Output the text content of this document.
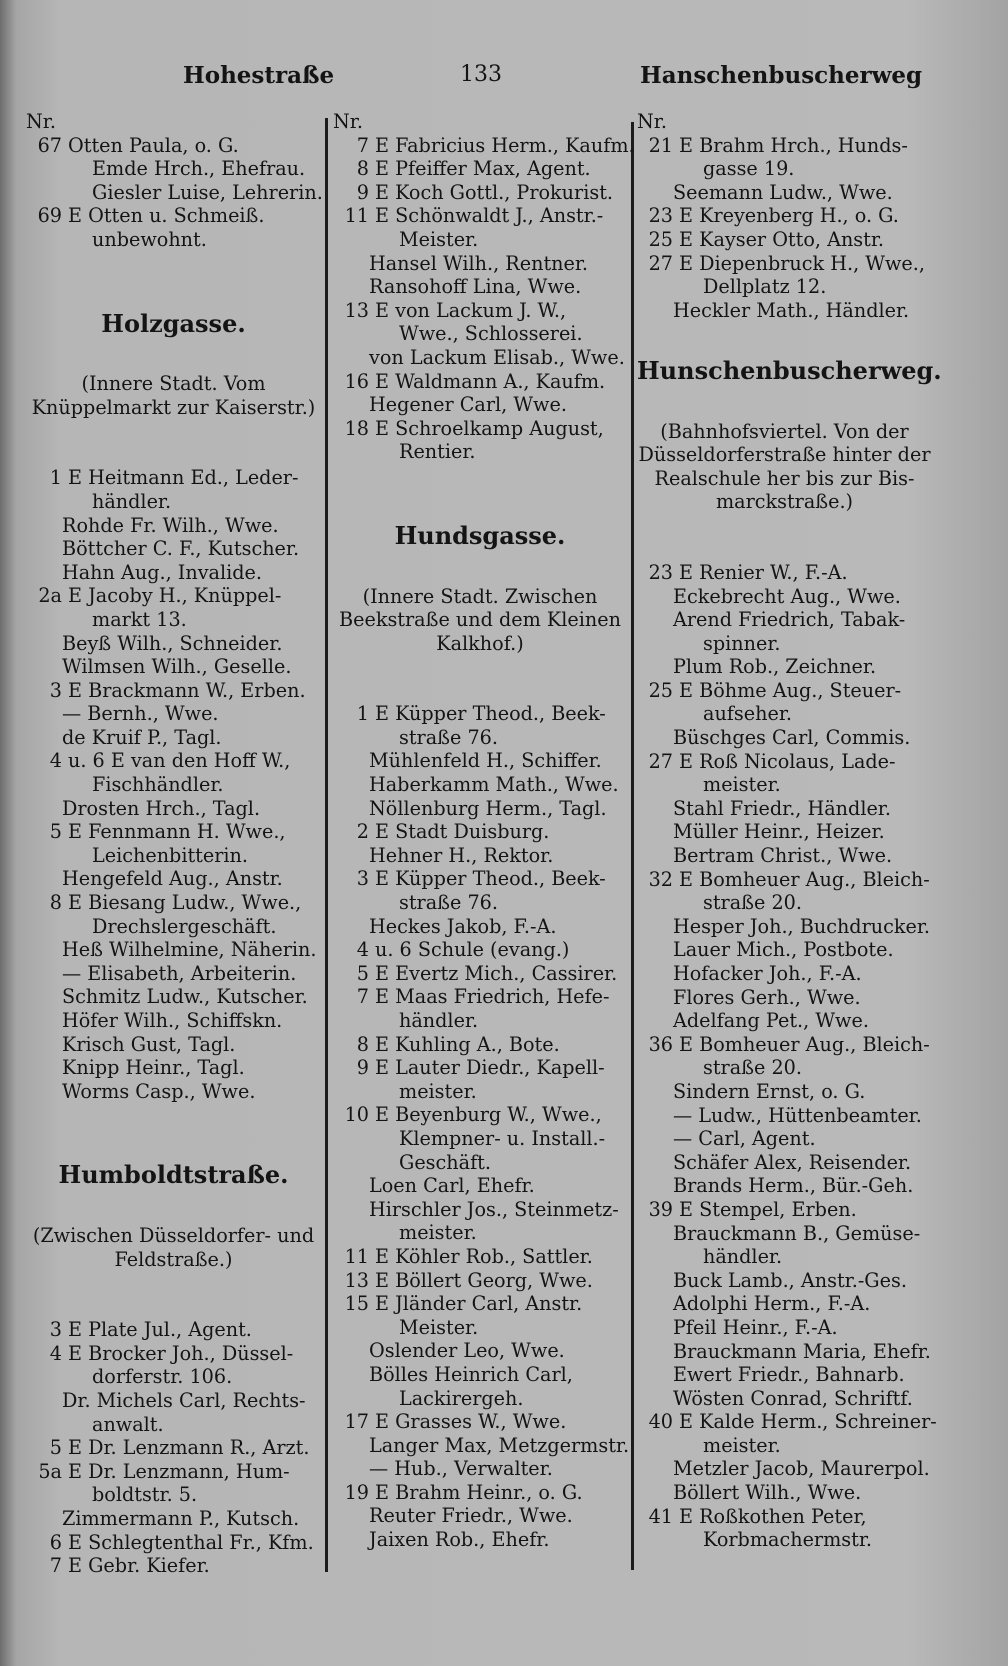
Hohestraße	133	Hanschenbuscherweg
Nr.
67 Otten Paula, o. G.
Emde Hrch., Ehefrau.
Giesler Luise, Lehrerin.
69 E Otten u. Schmeiß.
unbewohnt.
Holzgasse.
(Innere Stadt. Vom
Knüppelmarkt zur Kaiserstr.)
1 E Heitmann Ed., Leder-
händler.
Rohde Fr. Wilh., Wwe.
Böttcher C. F., Kutscher.
Hahn Aug., Invalide.
2a E Jacoby H., Knüppel-
markt 13.
Beyß Wilh., Schneider.
Wilmsen Wilh., Geselle.
3 E Brackmann W., Erben.
— Bernh., Wwe.
de Kruif P., Tagl.
4 u. 6 E van den Hoff W.,
Fischhändler.
Drosten Hrch., Tagl.
5 E Fennmann H. Wwe.,
Leichenbitterin.
Hengefeld Aug., Anstr.
8 E Biesang Ludw., Wwe.,
Drechslergeschäft.
Heß Wilhelmine, Näherin.
— Elisabeth, Arbeiterin.
Schmitz Ludw., Kutscher.
Höfer Wilh., Schiffskn.
Krisch Gust, Tagl.
Knipp Heinr., Tagl.
Worms Casp., Wwe.
Humboldtstraße.
(Zwischen Düsseldorfer- und
Feldstraße.)
3 E Plate Jul., Agent.
4 E Brocker Joh., Düssel-
dorferstr. 106.
Dr. Michels Carl, Rechts-
anwalt.
5 E Dr. Lenzmann R., Arzt.
5a E Dr. Lenzmann, Hum-
boldtstr. 5.
Zimmermann P., Kutsch.
6 E Schlegtenthal Fr., Kfm.
7 E Gebr. Kiefer.
Nr.
7 E Fabricius Herm., Kaufm.
8 E Pfeiffer Max, Agent.
9 E Koch Gottl., Prokurist.
11 E Schönwaldt J., Anstr.-
Meister.
Hansel Wilh., Rentner.
Ransohoff Lina, Wwe.
13 E von Lackum J. W.,
Wwe., Schlosserei.
von Lackum Elisab., Wwe.
16 E Waldmann A., Kaufm.
Hegener Carl, Wwe.
18 E Schroelkamp August,
Rentier.
Hundsgasse.
(Innere Stadt. Zwischen
Beekstraße und dem Kleinen
Kalkhof.)
1 E Küpper Theod., Beek-
straße 76.
Mühlenfeld H., Schiffer.
Haberkamm Math., Wwe.
Nöllenburg Herm., Tagl.
2 E Stadt Duisburg.
Hehner H., Rektor.
3 E Küpper Theod., Beek-
straße 76.
Heckes Jakob, F.-A.
4 u. 6 Schule (evang.)
5 E Evertz Mich., Cassirer.
7 E Maas Friedrich, Hefe-
händler.
8 E Kuhling A., Bote.
9 E Lauter Diedr., Kapell-
meister.
10 E Beyenburg W., Wwe.,
Klempner- u. Install.-
Geschäft.
Loen Carl, Ehefr.
Hirschler Jos., Steinmetz-
meister.
11 E Köhler Rob., Sattler.
13 E Böllert Georg, Wwe.
15 E Jländer Carl, Anstr.
Meister.
Oslender Leo, Wwe.
Bölles Heinrich Carl,
Lackirergeh.
17 E Grasses W., Wwe.
Langer Max, Metzgermstr.
— Hub., Verwalter.
19 E Brahm Heinr., o. G.
Reuter Friedr., Wwe.
Jaixen Rob., Ehefr.
Nr.
21 E Brahm Hrch., Hunds-
gasse 19.
Seemann Ludw., Wwe.
23 E Kreyenberg H., o. G.
25 E Kayser Otto, Anstr.
27 E Diepenbruck H., Wwe.,
Dellplatz 12.
Heckler Math., Händler.
Hunschenbuscherweg.
(Bahnhofsviertel. Von der
Düsseldorferstraße hinter der
Realschule her bis zur Bis-
marckstraße.)
23 E Renier W., F.-A.
Eckebrecht Aug., Wwe.
Arend Friedrich, Tabak-
spinner.
Plum Rob., Zeichner.
25 E Böhme Aug., Steuer-
aufseher.
Büschges Carl, Commis.
27 E Roß Nicolaus, Lade-
meister.
Stahl Friedr., Händler.
Müller Heinr., Heizer.
Bertram Christ., Wwe.
32 E Bomheuer Aug., Bleich-
straße 20.
Hesper Joh., Buchdrucker.
Lauer Mich., Postbote.
Hofacker Joh., F.-A.
Flores Gerh., Wwe.
Adelfang Pet., Wwe.
36 E Bomheuer Aug., Bleich-
straße 20.
Sindern Ernst, o. G.
— Ludw., Hüttenbeamter.
— Carl, Agent.
Schäfer Alex, Reisender.
Brands Herm., Bür.-Geh.
39 E Stempel, Erben.
Brauckmann B., Gemüse-
händler.
Buck Lamb., Anstr.-Ges.
Adolphi Herm., F.-A.
Pfeil Heinr., F.-A.
Brauckmann Maria, Ehefr.
Ewert Friedr., Bahnarb.
Wösten Conrad, Schriftf.
40 E Kalde Herm., Schreiner-
meister.
Metzler Jacob, Maurerpol.
Böllert Wilh., Wwe.
41 E Roßkothen Peter,
Korbmachermstr.
